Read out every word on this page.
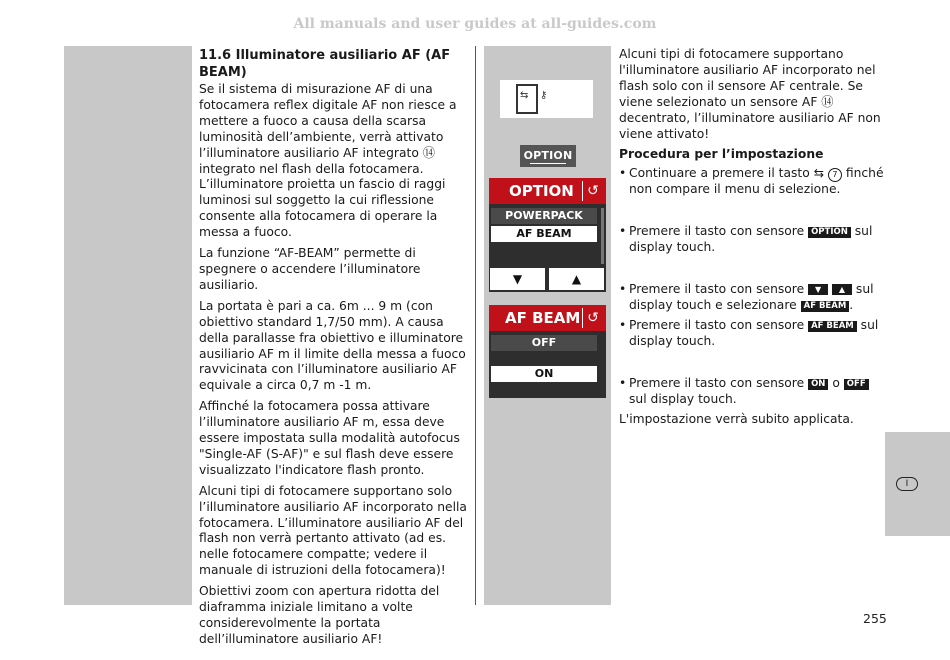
All manuals and user guides at all-guides.com
I
11.6 Illuminatore ausiliario AF (AF BEAM)

Se il sistema di misurazione AF di una fotocamera reflex digitale AF non riesce a mettere a fuoco a causa della scarsa luminosità dell’ambiente, verrà attivato l’illuminatore ausiliario AF integrato ⑭ integrato nel flash della fotocamera. L’illuminatore proietta un fascio di raggi luminosi sul soggetto la cui riflessione consente alla fotocamera di operare la messa a fuoco.

La funzione “AF-BEAM” permette di spegnere o accendere l’illuminatore ausiliario.

La portata è pari a ca. 6m ... 9 m (con obiettivo standard 1,7/50 mm). A causa della parallasse fra obiettivo e illuminatore ausiliario AF m il limite della messa a fuoco ravvicinata con l’illuminatore ausiliario AF equivale a circa 0,7 m -1 m.

Affinché la fotocamera possa attivare l’illuminatore ausiliario AF m, essa deve essere impostata sulla modalità autofocus "Single-AF (S-AF)" e sul flash deve essere visualizzato l'indicatore flash pronto.

Alcuni tipi di fotocamere supportano solo l’illuminatore ausiliario AF incorporato nella fotocamera. L’illuminatore ausiliario AF del flash non verrà pertanto attivato (ad es. nelle fotocamere compatte; vedere il manuale di istruzioni della fotocamera)!

Obiettivi zoom con apertura ridotta del diaframma iniziale limitano a volte considerevolmente la portata dell’illuminatore ausiliario AF!

⇆ ⚷
OPTION
OPTION ↺
POWERPACK
AF BEAM
▼	▲
AF BEAM ↺
OFF
ON

Alcuni tipi di fotocamere supportano l'illuminatore ausiliario AF incorporato nel flash solo con il sensore AF centrale. Se viene selezionato un sensore AF ⑭ decentrato, l’illuminatore ausiliario AF non viene attivato!

Procedura per l’impostazione
• Continuare a premere il tasto ⇆ 7 finché non compare il menu di selezione.
• Premere il tasto con sensore OPTION sul display touch.
• Premere il tasto con sensore ▼ ▲ sul display touch e selezionare AF BEAM .
• Premere il tasto con sensore AF BEAM sul display touch.
• Premere il tasto con sensore ON o OFF sul display touch.

L'impostazione verrà subito applicata.

255
